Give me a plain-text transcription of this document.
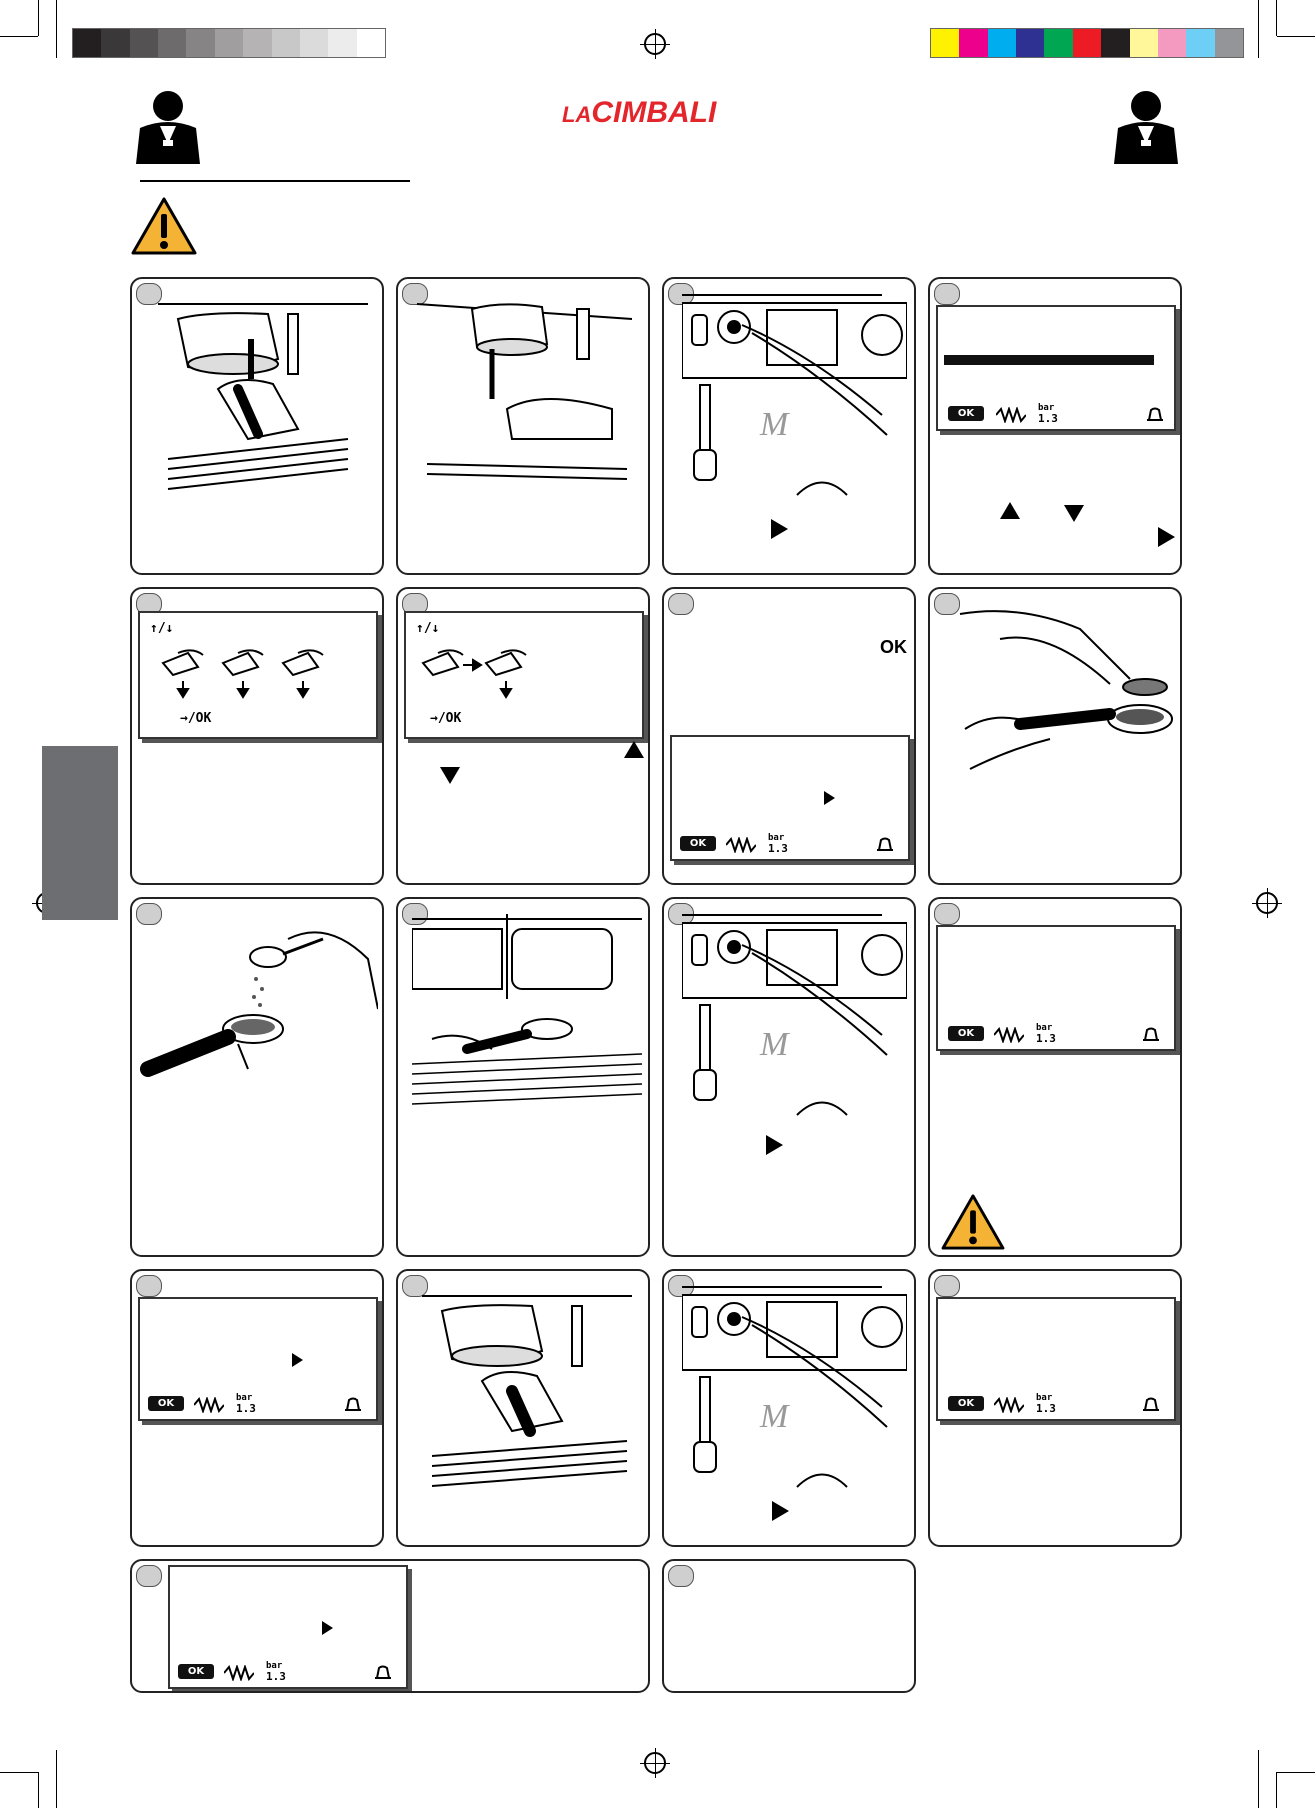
LACIMBALI
M	OK	bar
1.3
↑/↓
→/OK
↑/↓
→/OK
OK
OK	bar
1.3
M	OK	bar
1.3
OK	bar
1.3	M	OK	bar
1.3
OK	bar
1.3
